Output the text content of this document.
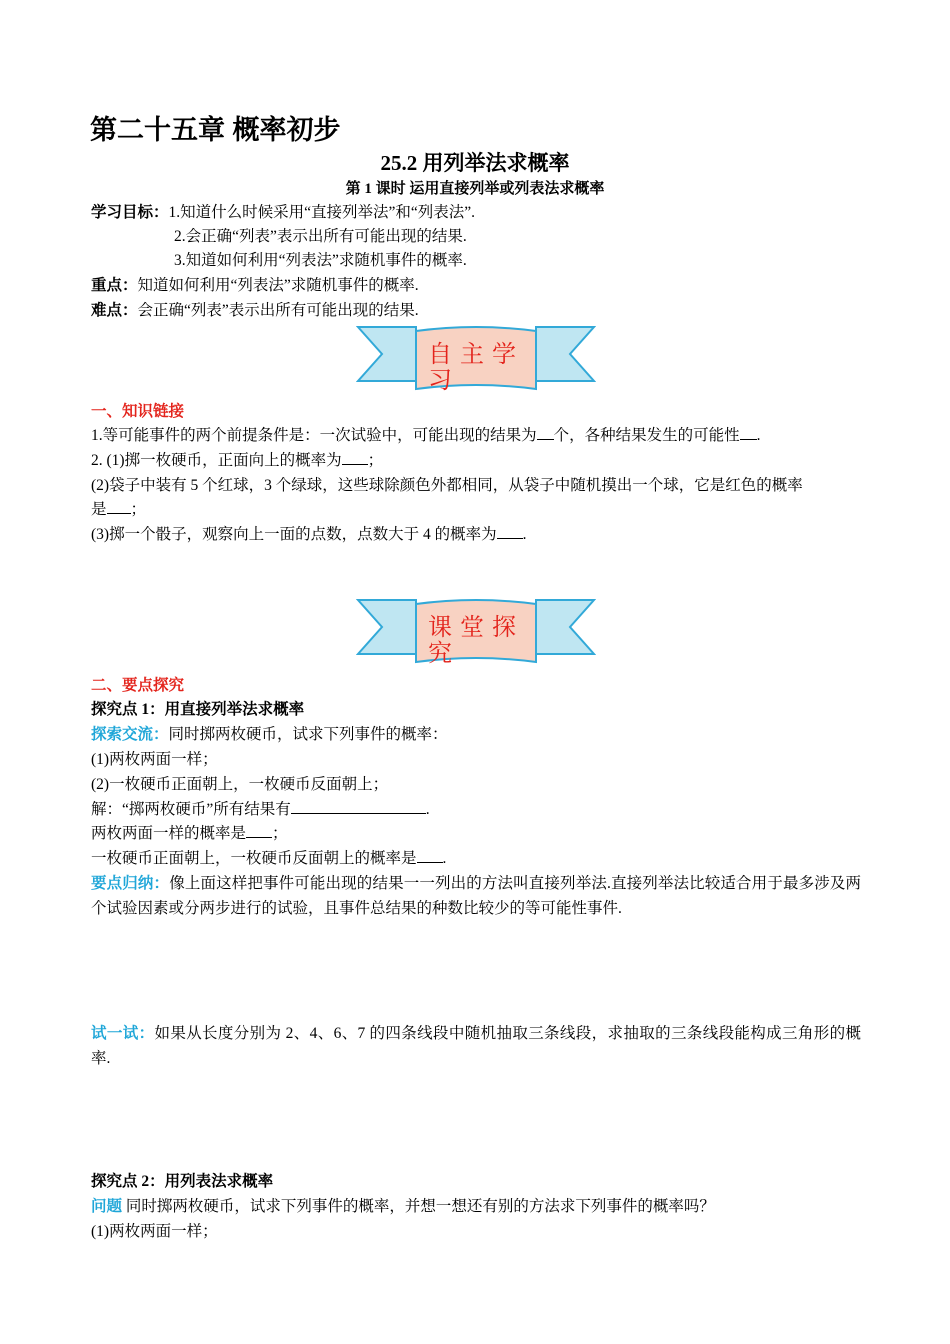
第二十五章 概率初步
25.2 用列举法求概率
第 1 课时 运用直接列举或列表法求概率
学习目标：1.知道什么时候采用“直接列举法”和“列表法”.
2.会正确“列表”表示出所有可能出现的结果.
3.知道如何利用“列表法”求随机事件的概率.
重点：知道如何利用“列表法”求随机事件的概率.
难点：会正确“列表”表示出所有可能出现的结果.
自主学习
一、知识链接
1.等可能事件的两个前提条件是：一次试验中，可能出现的结果为 个，各种结果发生的可能性 .
2. (1)掷一枚硬币，正面向上的概率为 ；
(2)袋子中装有 5 个红球，3 个绿球，这些球除颜色外都相同，从袋子中随机摸出一个球，它是红色的概率
是 ；
(3)掷一个骰子，观察向上一面的点数，点数大于 4 的概率为 .
课堂探究
二、要点探究
探究点 1：用直接列举法求概率
探索交流：同时掷两枚硬币，试求下列事件的概率：
(1)两枚两面一样；
(2)一枚硬币正面朝上，一枚硬币反面朝上；
解：“掷两枚硬币”所有结果有	.
两枚两面一样的概率是 ；
一枚硬币正面朝上，一枚硬币反面朝上的概率是 .
要点归纳：像上面这样把事件可能出现的结果一一列出的方法叫直接列举法.直接列举法比较适合用于最多涉及两个试验因素或分两步进行的试验，且事件总结果的种数比较少的等可能性事件.
试一试：如果从长度分别为 2、4、6、7 的四条线段中随机抽取三条线段，求抽取的三条线段能构成三角形的概率.
探究点 2：用列表法求概率
问题 同时掷两枚硬币，试求下列事件的概率，并想一想还有别的方法求下列事件的概率吗？
(1)两枚两面一样；
